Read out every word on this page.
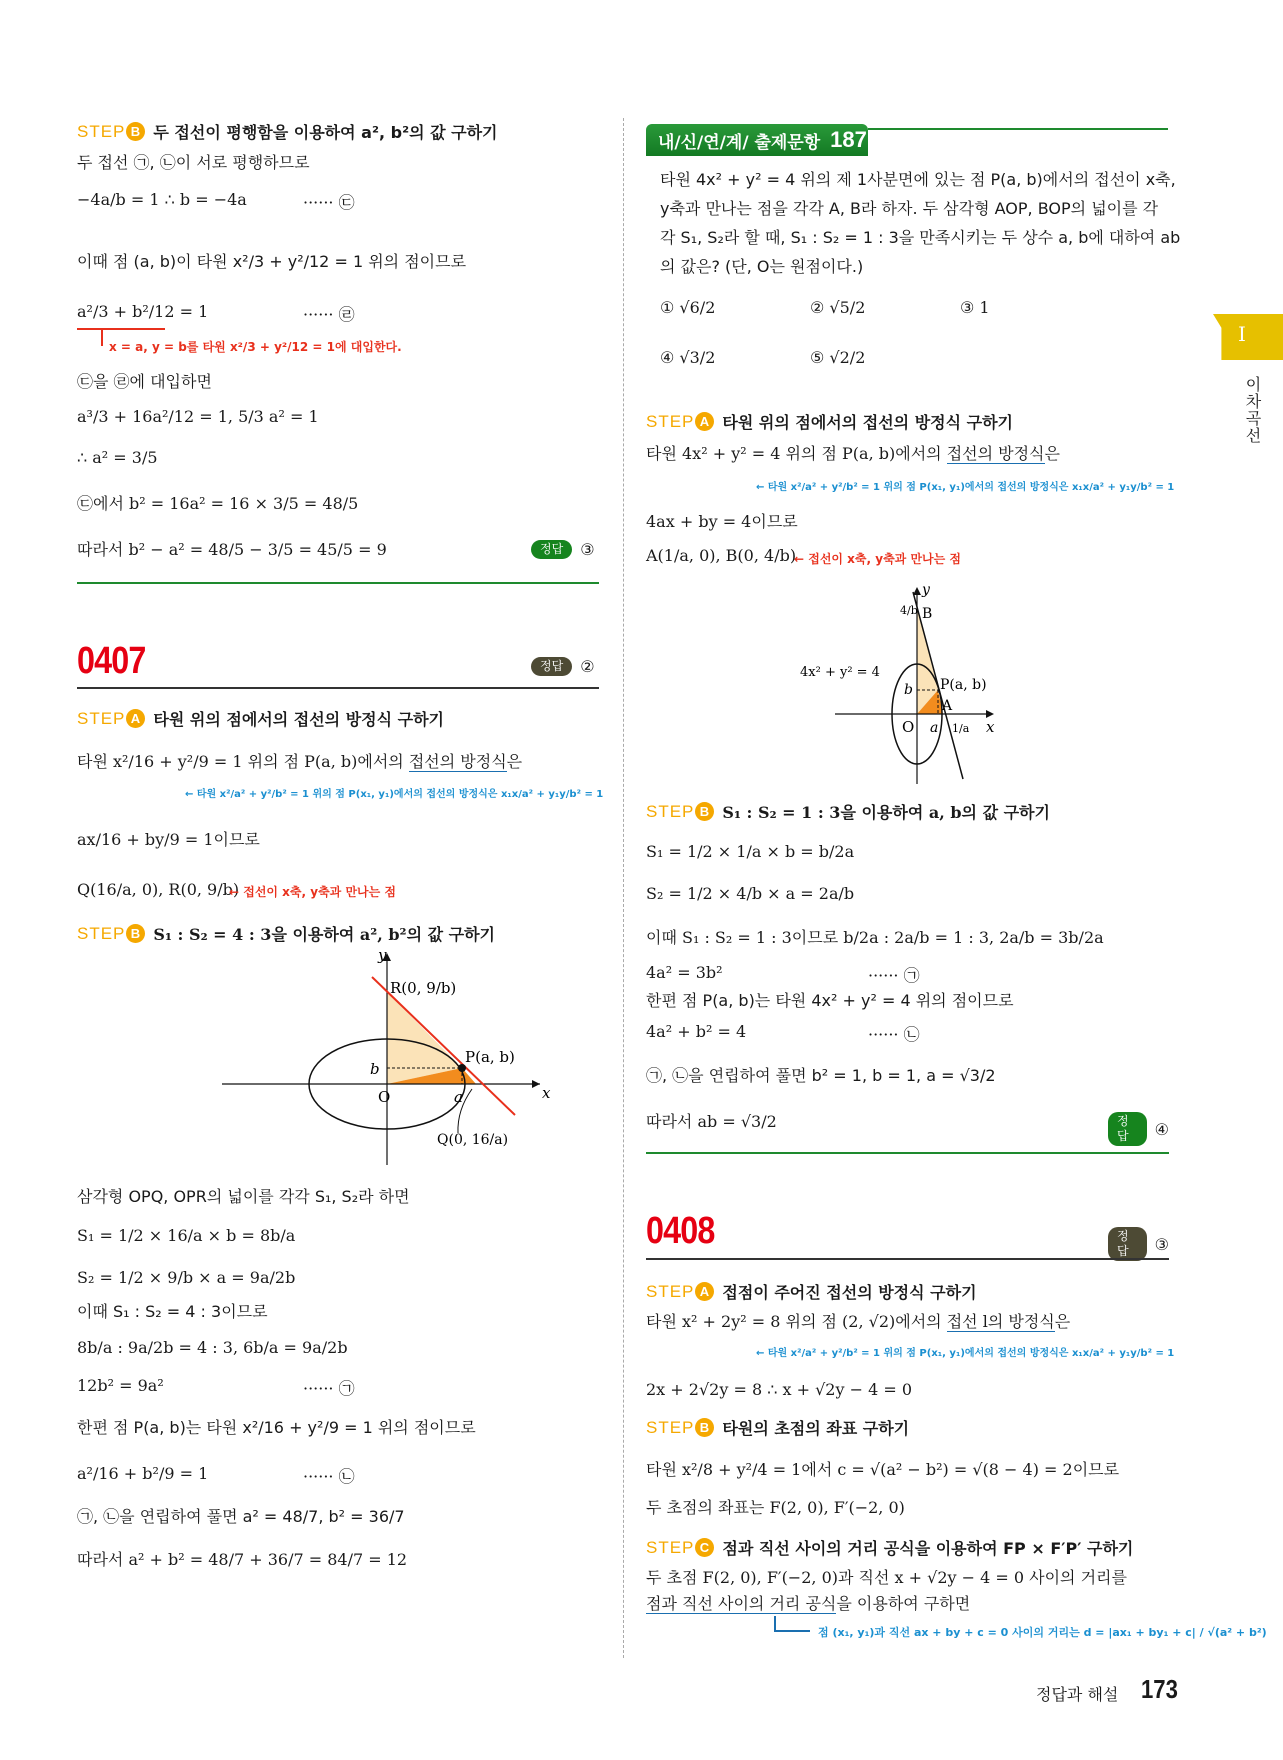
STEP B 두 접선이 평행함을 이용하여 a², b²의 값 구하기
두 접선 ㉠, ㉡이 서로 평행하므로
−4a/b = 1 ∴ b = −4a	······ ㉢
이때 점 (a, b)이 타원 x²/3 + y²/12 = 1 위의 점이므로
a²/3 + b²/12 = 1	······ ㉣
x = a, y = b를 타원 x²/3 + y²/12 = 1에 대입한다.
㉢을 ㉣에 대입하면
a³/3 + 16a²/12 = 1, 5/3 a² = 1
∴ a² = 3/5
㉢에서 b² = 16a² = 16 × 3/5 = 48/5
따라서 b² − a² = 48/5 − 3/5 = 45/5 = 9	정답	③
0407	정답	②
STEP A 타원 위의 점에서의 접선의 방정식 구하기
타원 x²/16 + y²/9 = 1 위의 점 P(a, b)에서의 접선의 방정식은
← 타원 x²/a² + y²/b² = 1 위의 점 P(x₁, y₁)에서의 접선의 방정식은 x₁x/a² + y₁y/b² = 1
ax/16 + by/9 = 1이므로
Q(16/a, 0), R(0, 9/b)
← 접선이 x축, y축과 만나는 점
STEP B S₁ : S₂ = 4 : 3을 이용하여 a², b²의 값 구하기
y
x
O
R(0, 9/b)
P(a, b)
Q(0, 16/a)
a
b
삼각형 OPQ, OPR의 넓이를 각각 S₁, S₂라 하면
S₁ = 1/2 × 16/a × b = 8b/a
S₂ = 1/2 × 9/b × a = 9a/2b
이때 S₁ : S₂ = 4 : 3이므로
8b/a : 9a/2b = 4 : 3, 6b/a = 9a/2b
12b² = 9a²	······ ㉠
한편 점 P(a, b)는 타원 x²/16 + y²/9 = 1 위의 점이므로
a²/16 + b²/9 = 1	······ ㉡
㉠, ㉡을 연립하여 풀면 a² = 48/7, b² = 36/7
따라서 a² + b² = 48/7 + 36/7 = 84/7 = 12
내/신/연/계/ 출제문항 187
타원 4x² + y² = 4 위의 제 1사분면에 있는 점 P(a, b)에서의 접선이 x축,
y축과 만나는 점을 각각 A, B라 하자. 두 삼각형 AOP, BOP의 넓이를 각
각 S₁, S₂라 할 때, S₁ : S₂ = 1 : 3을 만족시키는 두 상수 a, b에 대하여 ab
의 값은? (단, O는 원점이다.)
① √6/2	② √5/2	③ 1
④ √3/2	⑤ √2/2
STEP A 타원 위의 점에서의 접선의 방정식 구하기
타원 4x² + y² = 4 위의 점 P(a, b)에서의 접선의 방정식은
← 타원 x²/a² + y²/b² = 1 위의 점 P(x₁, y₁)에서의 접선의 방정식은 x₁x/a² + y₁y/b² = 1
4ax + by = 4이므로
A(1/a, 0), B(0, 4/b)
← 접선이 x축, y축과 만나는 점
y
x
O
B
4/b
P(a, b)
A
1/a
a
b
4x² + y² = 4
STEP B S₁ : S₂ = 1 : 3을 이용하여 a, b의 값 구하기
S₁ = 1/2 × 1/a × b = b/2a
S₂ = 1/2 × 4/b × a = 2a/b
이때 S₁ : S₂ = 1 : 3이므로 b/2a : 2a/b = 1 : 3, 2a/b = 3b/2a
4a² = 3b²	······ ㉠
한편 점 P(a, b)는 타원 4x² + y² = 4 위의 점이므로
4a² + b² = 4	······ ㉡
㉠, ㉡을 연립하여 풀면 b² = 1, b = 1, a = √3/2
따라서 ab = √3/2	정답	④
0408	정답	③
STEP A 접점이 주어진 접선의 방정식 구하기
타원 x² + 2y² = 8 위의 점 (2, √2)에서의 접선 l의 방정식은
← 타원 x²/a² + y²/b² = 1 위의 점 P(x₁, y₁)에서의 접선의 방정식은 x₁x/a² + y₁y/b² = 1
2x + 2√2y = 8 ∴ x + √2y − 4 = 0
STEP B 타원의 초점의 좌표 구하기
타원 x²/8 + y²/4 = 1에서 c = √(a² − b²) = √(8 − 4) = 2이므로
두 초점의 좌표는 F(2, 0), F′(−2, 0)
STEP C 점과 직선 사이의 거리 공식을 이용하여 FP × F′P′ 구하기
두 초점 F(2, 0), F′(−2, 0)과 직선 x + √2y − 4 = 0 사이의 거리를
점과 직선 사이의 거리 공식을 이용하여 구하면
점 (x₁, y₁)과 직선 ax + by + c = 0 사이의 거리는 d = |ax₁ + by₁ + c| / √(a² + b²)
I
이차곡선
정답과 해설 173
